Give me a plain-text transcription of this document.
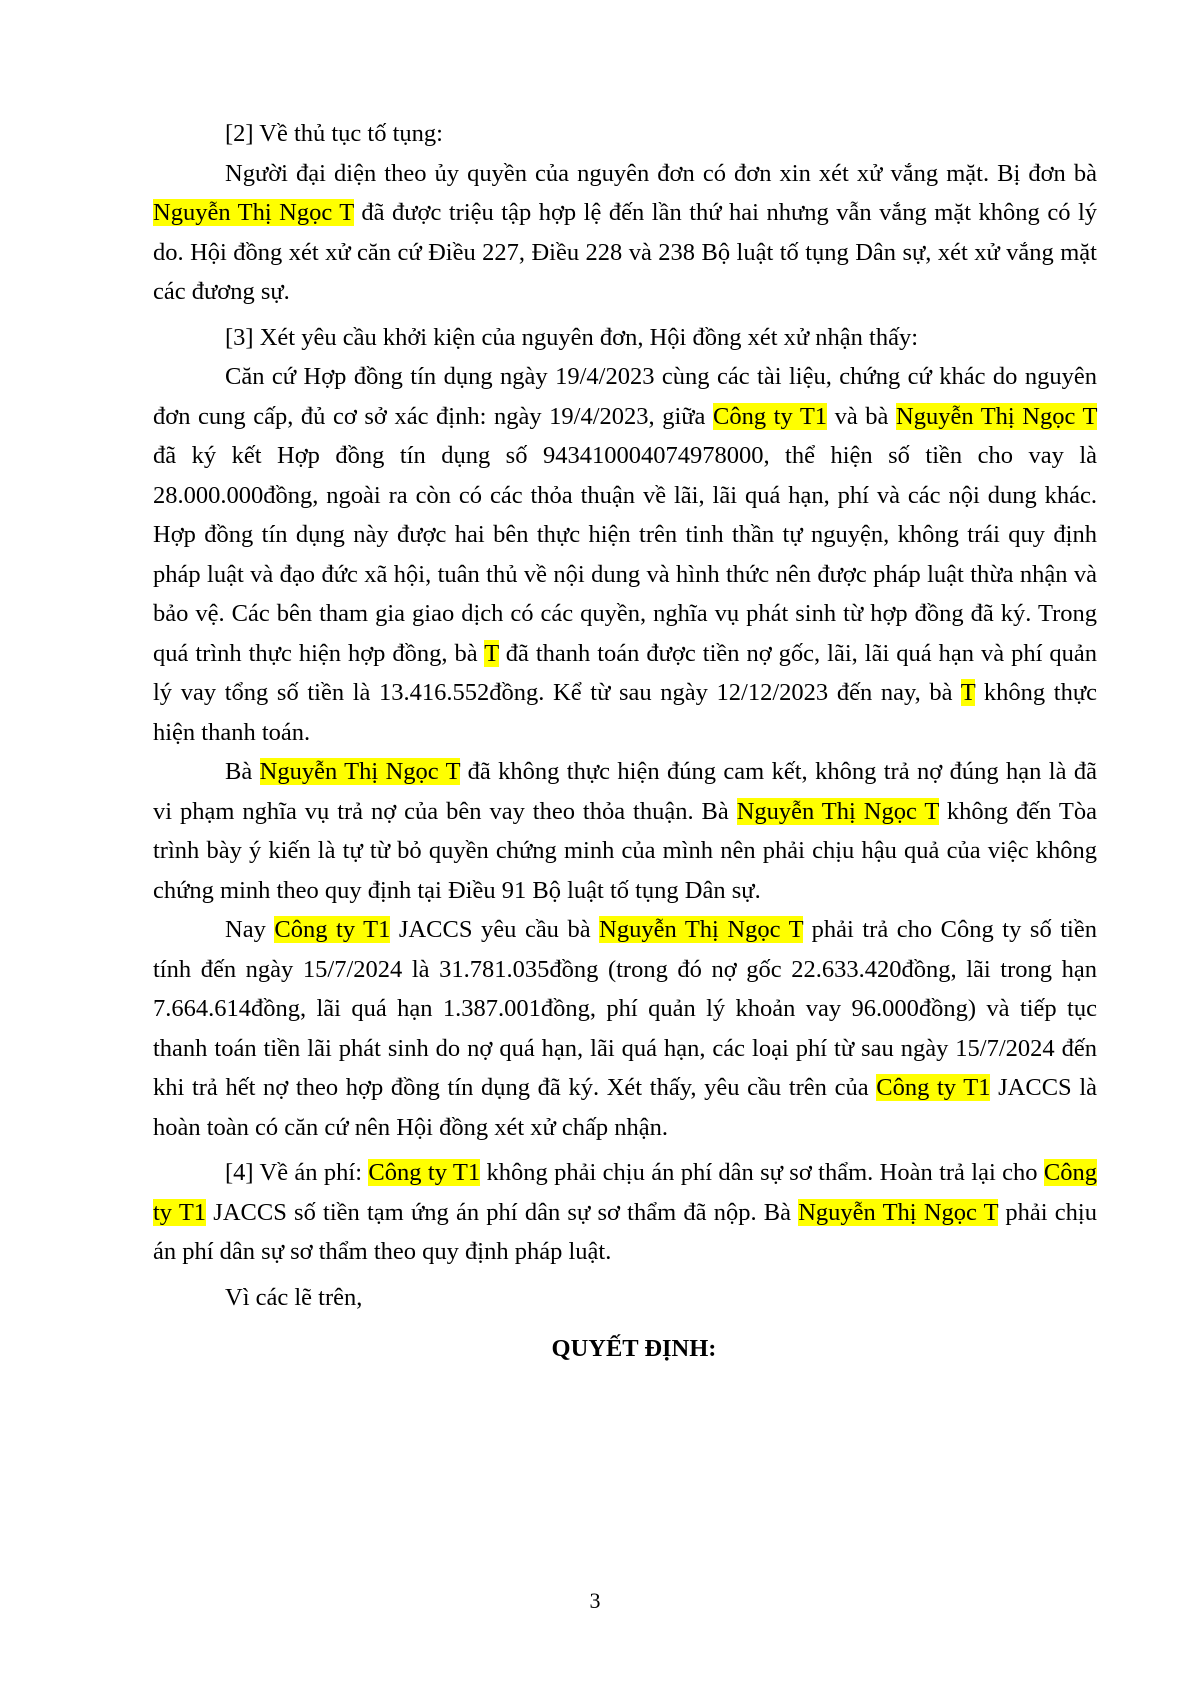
[2] Về thủ tục tố tụng:

Người đại diện theo ủy quyền của nguyên đơn có đơn xin xét xử vắng mặt. Bị đơn bà Nguyễn Thị Ngọc T đã được triệu tập hợp lệ đến lần thứ hai nhưng vẫn vắng mặt không có lý do. Hội đồng xét xử căn cứ Điều 227, Điều 228 và 238 Bộ luật tố tụng Dân sự, xét xử vắng mặt các đương sự.

[3] Xét yêu cầu khởi kiện của nguyên đơn, Hội đồng xét xử nhận thấy:

Căn cứ Hợp đồng tín dụng ngày 19/4/2023 cùng các tài liệu, chứng cứ khác do nguyên đơn cung cấp, đủ cơ sở xác định: ngày 19/4/2023, giữa Công ty T1 và bà Nguyễn Thị Ngọc T đã ký kết Hợp đồng tín dụng số 943410004074978000, thể hiện số tiền cho vay là 28.000.000đồng, ngoài ra còn có các thỏa thuận về lãi, lãi quá hạn, phí và các nội dung khác. Hợp đồng tín dụng này được hai bên thực hiện trên tinh thần tự nguyện, không trái quy định pháp luật và đạo đức xã hội, tuân thủ về nội dung và hình thức nên được pháp luật thừa nhận và bảo vệ. Các bên tham gia giao dịch có các quyền, nghĩa vụ phát sinh từ hợp đồng đã ký. Trong quá trình thực hiện hợp đồng, bà T đã thanh toán được tiền nợ gốc, lãi, lãi quá hạn và phí quản lý vay tổng số tiền là 13.416.552đồng. Kể từ sau ngày 12/12/2023 đến nay, bà T không thực hiện thanh toán.

Bà Nguyễn Thị Ngọc T đã không thực hiện đúng cam kết, không trả nợ đúng hạn là đã vi phạm nghĩa vụ trả nợ của bên vay theo thỏa thuận. Bà Nguyễn Thị Ngọc T không đến Tòa trình bày ý kiến là tự từ bỏ quyền chứng minh của mình nên phải chịu hậu quả của việc không chứng minh theo quy định tại Điều 91 Bộ luật tố tụng Dân sự.

Nay Công ty T1 JACCS yêu cầu bà Nguyễn Thị Ngọc T phải trả cho Công ty số tiền tính đến ngày 15/7/2024 là 31.781.035đồng (trong đó nợ gốc 22.633.420đồng, lãi trong hạn 7.664.614đồng, lãi quá hạn 1.387.001đồng, phí quản lý khoản vay 96.000đồng) và tiếp tục thanh toán tiền lãi phát sinh do nợ quá hạn, lãi quá hạn, các loại phí từ sau ngày 15/7/2024 đến khi trả hết nợ theo hợp đồng tín dụng đã ký. Xét thấy, yêu cầu trên của Công ty T1 JACCS là hoàn toàn có căn cứ nên Hội đồng xét xử chấp nhận.

[4] Về án phí: Công ty T1 không phải chịu án phí dân sự sơ thẩm. Hoàn trả lại cho Công ty T1 JACCS số tiền tạm ứng án phí dân sự sơ thẩm đã nộp. Bà Nguyễn Thị Ngọc T phải chịu án phí dân sự sơ thẩm theo quy định pháp luật.

Vì các lẽ trên,

QUYẾT ĐỊNH:
3
